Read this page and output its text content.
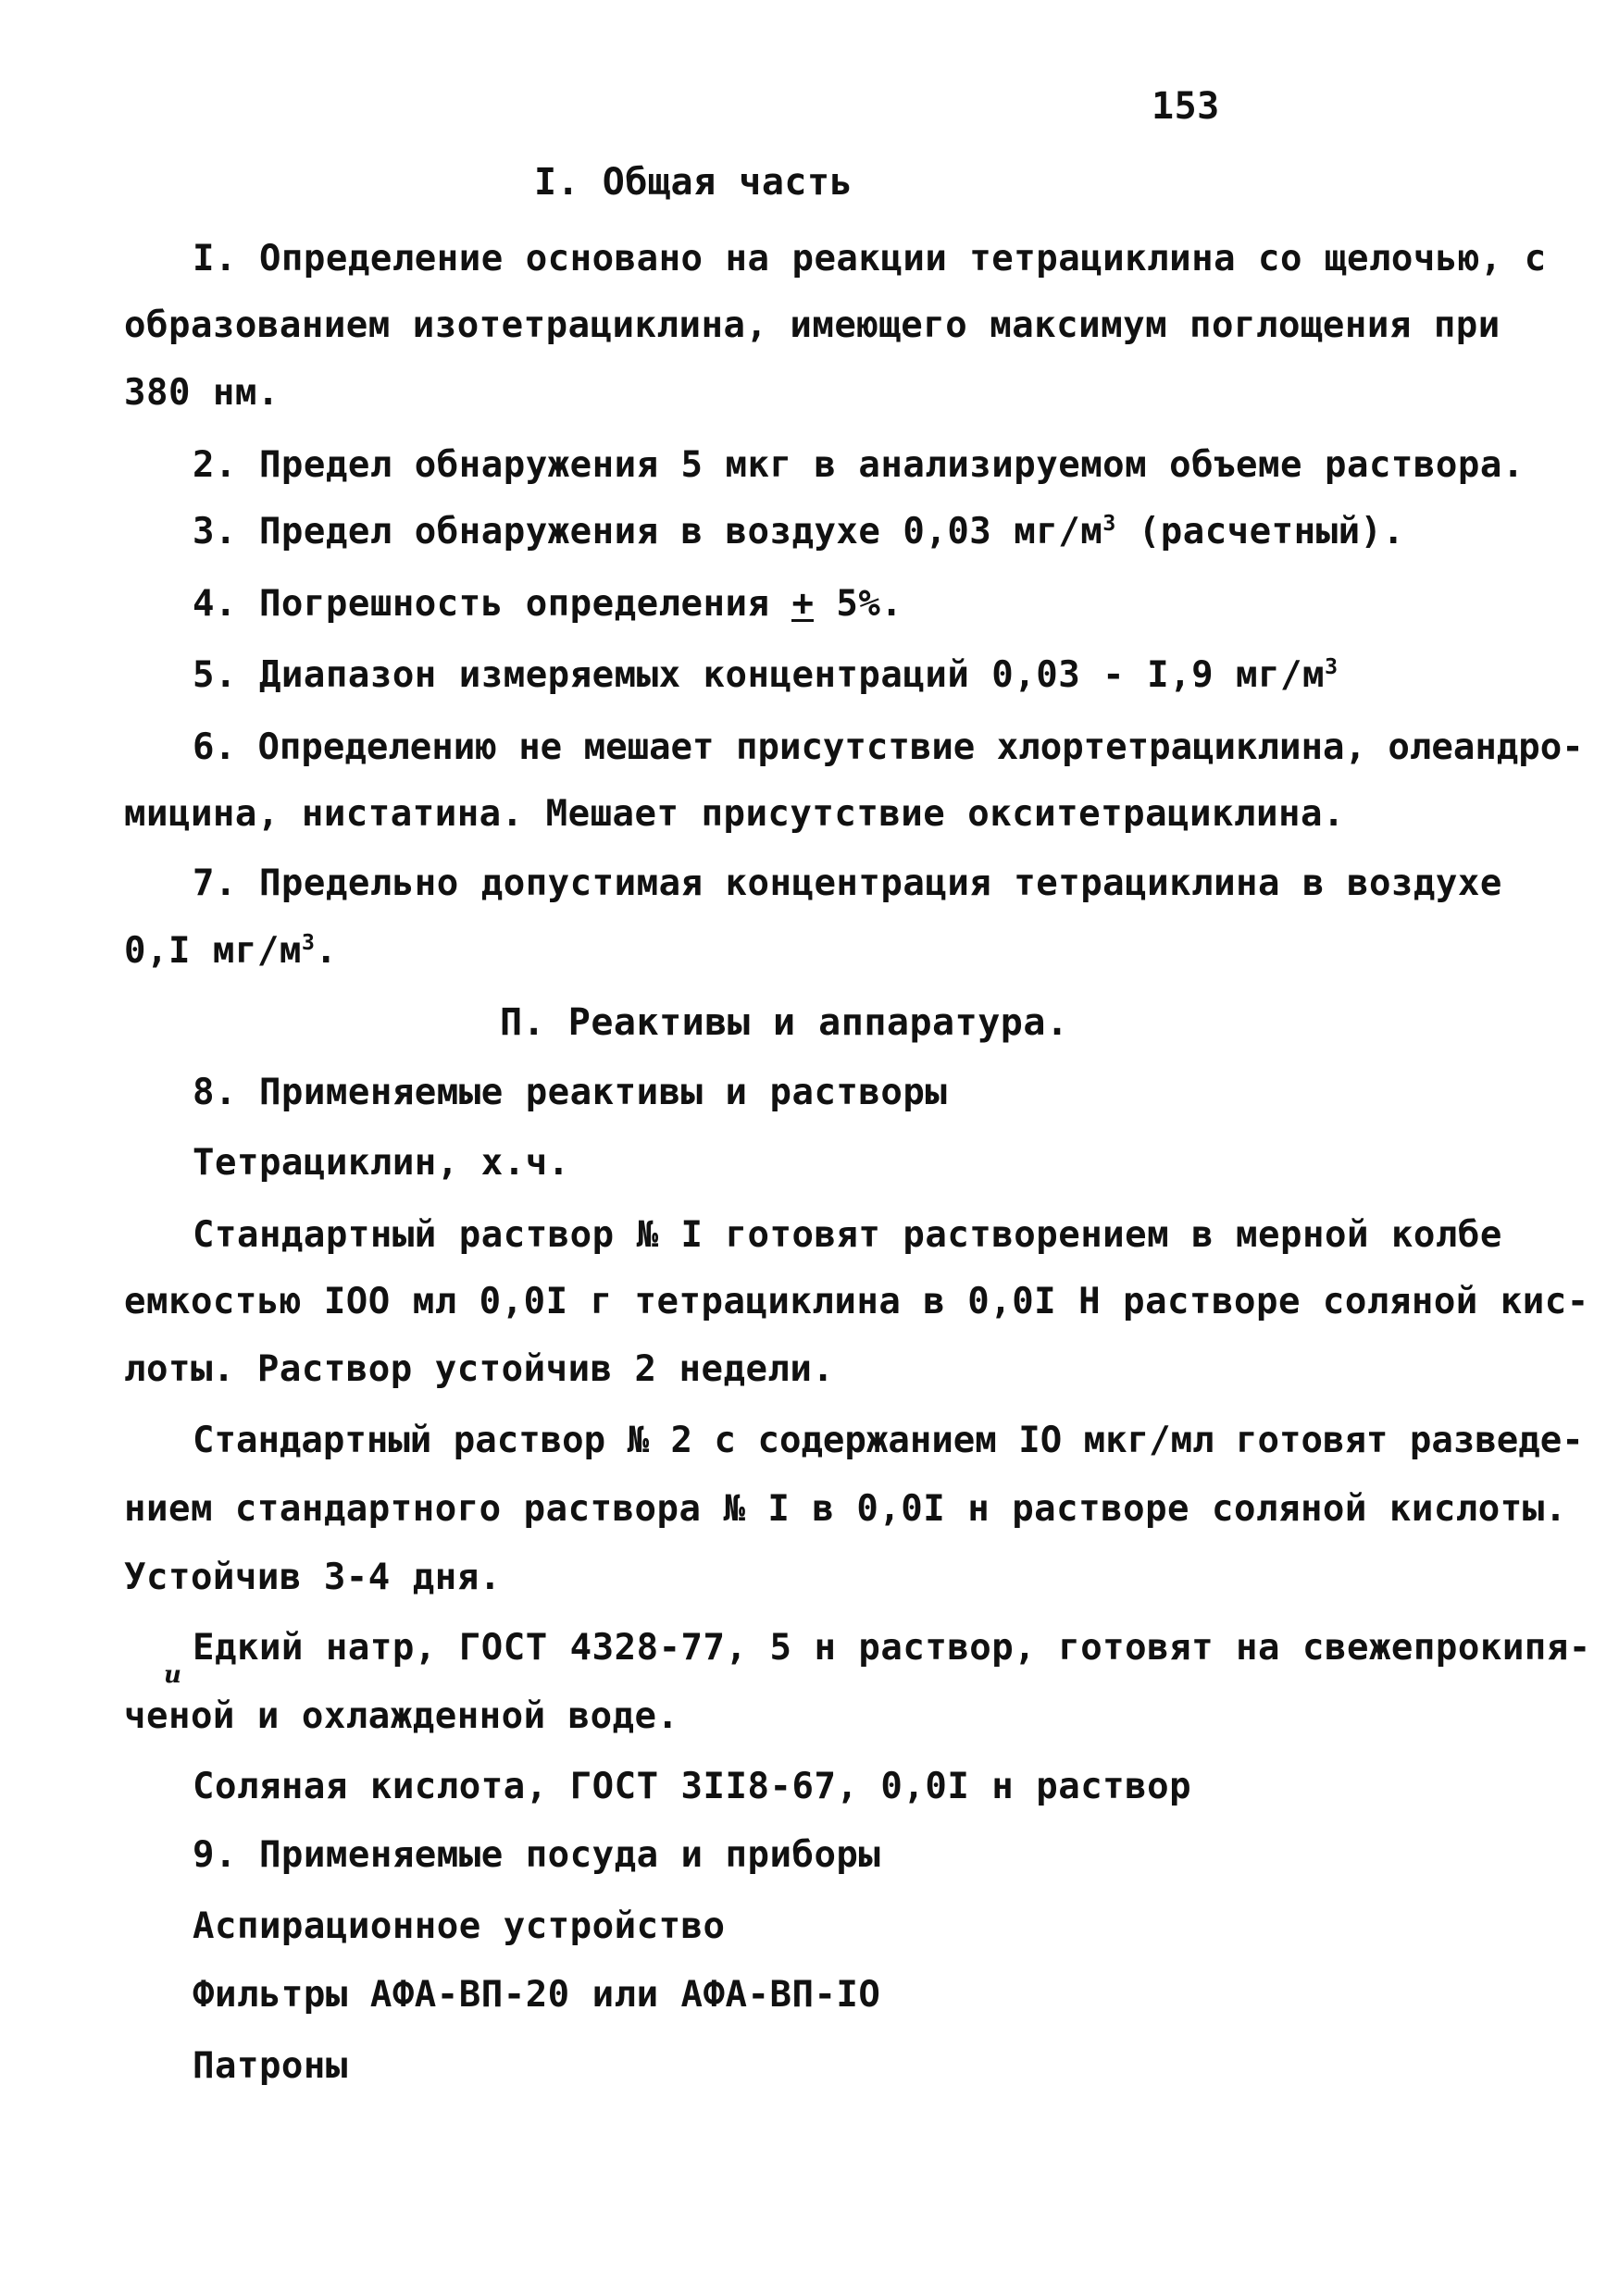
153
I. Общая часть
I. Определение основано на реакции тетрациклина со щелочью, с
образованием изотетрациклина, имеющего максимум поглощения при
380 нм.
2. Предел обнаружения 5 мкг в анализируемом объеме раствора.
3. Предел обнаружения в воздухе 0,03 $мг/м^3$ (расчетный).
4. Погрешность определения +
5%.
5. Диапазон измеряемых концентраций 0,03 - I,9 $мг/м^3$
6. Определению не мешает присутствие хлортетрациклина, олеандро-
мицина, нистатина. Мешает присутствие окситетрациклина.
7. Предельно допустимая концентрация тетрациклина в воздухе
0,I $мг/м^3$.
П. Реактивы и аппаратура.
8. Применяемые реактивы и растворы
Тетрациклин, х.ч.
Стандартный раствор № I готовят растворением в мерной колбе
емкостью IOO мл 0,0I г тетрациклина в 0,0I Н растворе соляной кис-
лоты. Раствор устойчив 2 недели.
Стандартный раствор № 2 с содержанием IO мкг/мл готовят разведе-
нием стандартного раствора № I в 0,0I н растворе соляной кислоты.
Устойчив 3-4 дня.
Едкий натр, ГОСТ 4328-77, 5 н раствор, готовят на свежепрокипя-
и
ченой и охлажденной воде.
Соляная кислота, ГОСТ 3II8-67, 0,0I н раствор
9. Применяемые посуда и приборы
Аспирационное устройство
Фильтры АФА-ВП-20 или АФА-ВП-IO
Патроны
